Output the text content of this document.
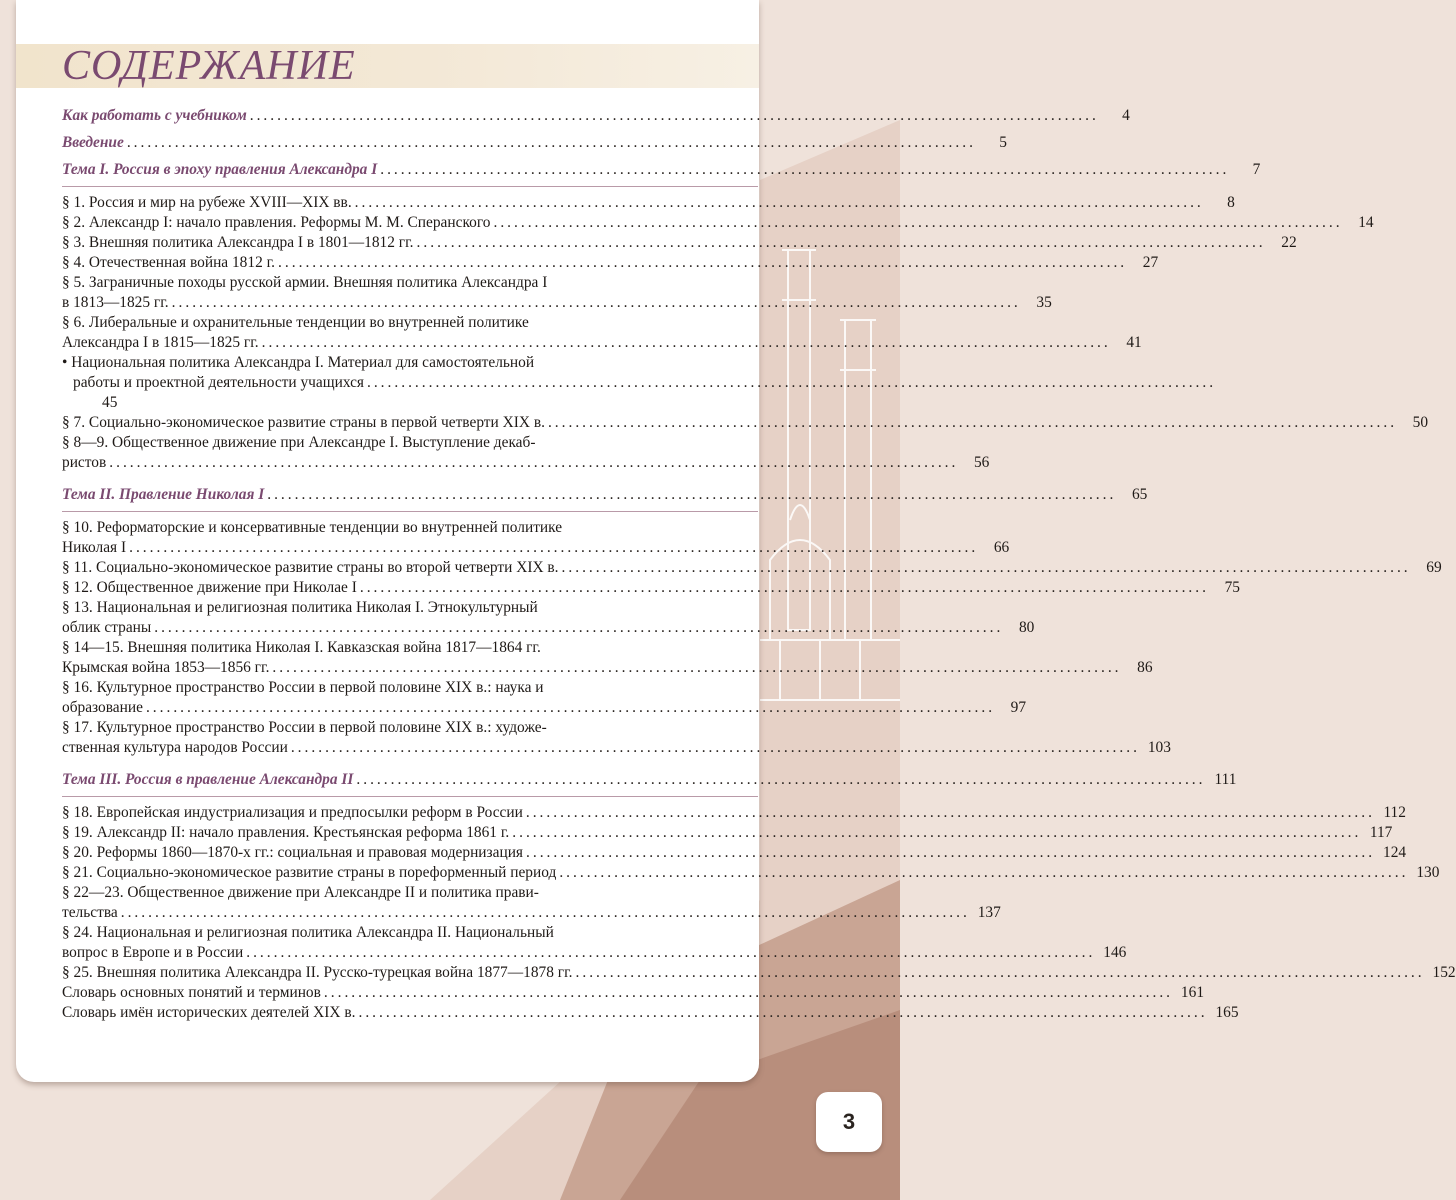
СОДЕРЖАНИЕ
Как работать с учебником ............................................................................................................................	4
Введение ............................................................................................................................	5
Тема I. Россия в эпоху правления Александра I ............................................................................................................................	7
§ 1. Россия и мир на рубеже XVIII—XIX вв. ............................................................................................................................	8
§ 2. Александр I: начало правления. Реформы М. М. Сперанского ............................................................................................................................	14
§ 3. Внешняя политика Александра I в 1801—1812 гг. ............................................................................................................................	22
§ 4. Отечественная война 1812 г. ............................................................................................................................	27
§ 5. Заграничные походы русской армии. Внешняя политика Александра I
в 1813—1825 гг. ............................................................................................................................	35
§ 6. Либеральные и охранительные тенденции во внутренней политике
Александра I в 1815—1825 гг. ............................................................................................................................	41
• Национальная политика Александра I. Материал для самостоятельной
работы и проектной деятельности учащихся ............................................................................................................................
45
§ 7. Социально-экономическое развитие страны в первой четверти XIX в. ............................................................................................................................	50
§ 8—9. Общественное движение при Александре I. Выступление декаб-
ристов ............................................................................................................................	56
Тема II. Правление Николая I ............................................................................................................................	65
§ 10. Реформаторские и консервативные тенденции во внутренней политике
Николая I ............................................................................................................................	66
§ 11. Социально-экономическое развитие страны во второй четверти XIX в. ............................................................................................................................	69
§ 12. Общественное движение при Николае I ............................................................................................................................	75
§ 13. Национальная и религиозная политика Николая I. Этнокультурный
облик страны ............................................................................................................................	80
§ 14—15. Внешняя политика Николая I. Кавказская война 1817—1864 гг.
Крымская война 1853—1856 гг. ............................................................................................................................	86
§ 16. Культурное пространство России в первой половине XIX в.: наука и
образование ............................................................................................................................	97
§ 17. Культурное пространство России в первой половине XIX в.: художе-
ственная культура народов России ............................................................................................................................ 103
Тема III. Россия в правление Александра II ............................................................................................................................ 111
§ 18. Европейская индустриализация и предпосылки реформ в России ............................................................................................................................ 112
§ 19. Александр II: начало правления. Крестьянская реформа 1861 г. ............................................................................................................................ 117
§ 20. Реформы 1860—1870-х гг.: социальная и правовая модернизация ............................................................................................................................ 124
§ 21. Социально-экономическое развитие страны в пореформенный период ............................................................................................................................ 130
§ 22—23. Общественное движение при Александре II и политика прави-
тельства ............................................................................................................................ 137
§ 24. Национальная и религиозная политика Александра II. Национальный
вопрос в Европе и в России ............................................................................................................................ 146
§ 25. Внешняя политика Александра II. Русско-турецкая война 1877—1878 гг. ............................................................................................................................ 152
Словарь основных понятий и терминов ............................................................................................................................ 161
Словарь имён исторических деятелей XIX в. ............................................................................................................................ 165
3
